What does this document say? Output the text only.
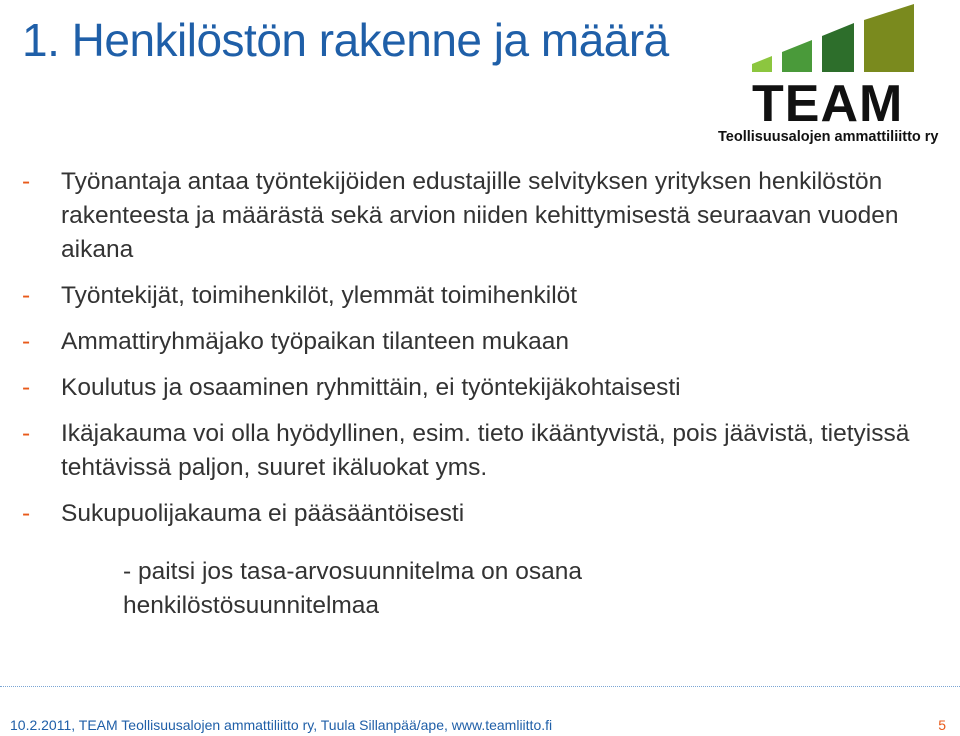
1. Henkilöstön rakenne ja määrä
TEAM
Teollisuusalojen ammattiliitto ry
- Työnantaja antaa työntekijöiden edustajille selvityksen yrityksen henkilöstön rakenteesta ja määrästä sekä arvion niiden kehittymisestä seuraavan vuoden aikana
- Työntekijät, toimihenkilöt, ylemmät toimihenkilöt
- Ammattiryhmäjako työpaikan tilanteen mukaan
- Koulutus ja osaaminen ryhmittäin, ei työntekijäkohtaisesti
- Ikäjakauma voi olla hyödyllinen, esim. tieto ikääntyvistä, pois jäävistä, tietyissä tehtävissä paljon, suuret ikäluokat yms.
- Sukupuolijakauma ei pääsääntöisesti
- paitsi jos tasa-arvosuunnitelma on osana henkilöstösuunnitelmaa
10.2.2011, TEAM Teollisuusalojen ammattiliitto ry, Tuula Sillanpää/ape, www.teamliitto.fi	5
